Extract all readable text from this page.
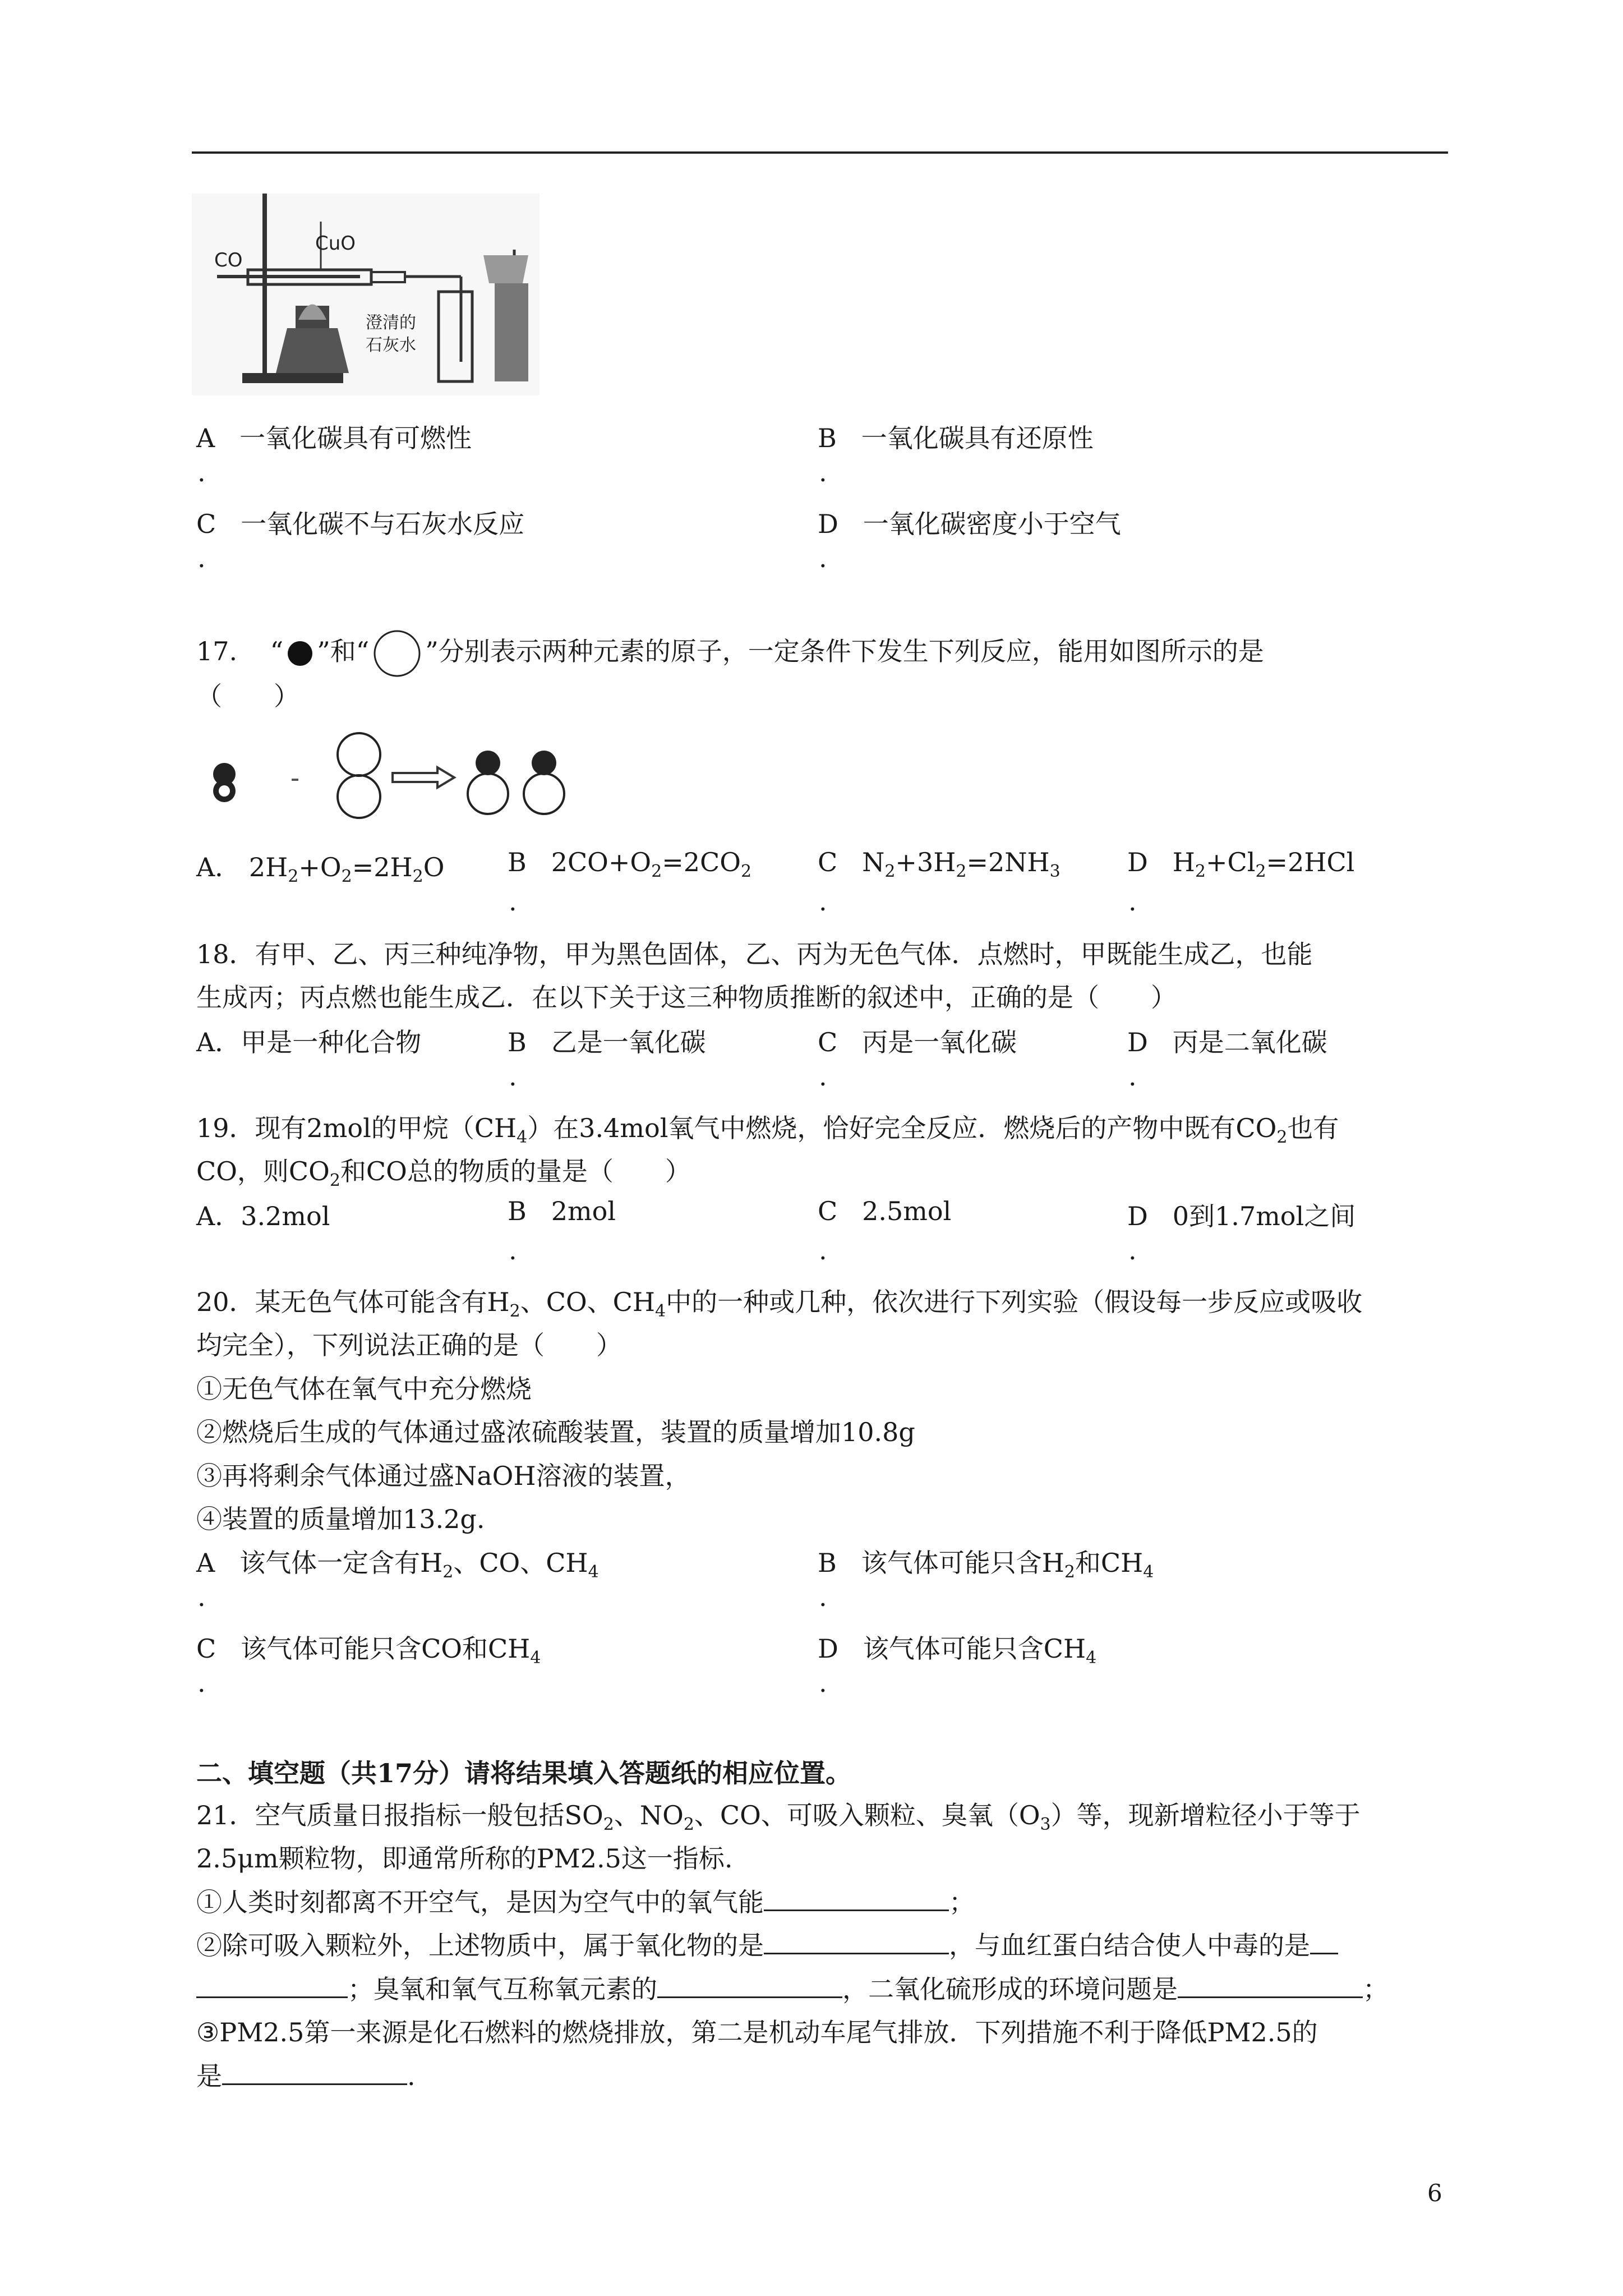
CO
CuO
澄清的
石灰水
A 一氧化碳具有可燃性
.
B 一氧化碳具有还原性
.
C 一氧化碳不与石灰水反应
.
D 一氧化碳密度小于空气
.
17. “ ”和“ ”分别表示两种元素的原子，一定条件下发生下列反应，能用如图所示的是
（　　）
A． $2H_2+O_2=2H_2O$ B $2CO+O_2=2CO_2$
.
C $N_2+3H_2=2NH_3$
.
D $H_2+Cl_2=2HCl$
.
18．有甲、乙、丙三种纯净物，甲为黑色固体，乙、丙为无色气体．点燃时，甲既能生成乙，也能
生成丙；丙点燃也能生成乙．在以下关于这三种物质推断的叙述中，正确的是（　　）
A．甲是一种化合物	B 乙是一氧化碳
.
C 丙是一氧化碳
.
D 丙是二氧化碳
.
19．现有2mol的甲烷$(CH_4)$在3.4mol氧气中燃烧，恰好完全反应．燃烧后的产物中既有$CO_2$也有
CO，则$CO_2$和CO总的物质的量是（　　）
A．3.2mol	B 2mol
.
C 2.5mol
.
D 0到1.7mol之间
.
20．某无色气体可能含有$H_2$、CO、$CH_4$中的一种或几种，依次进行下列实验（假设每一步反应或吸收
均完全），下列说法正确的是（　　）
①无色气体在氧气中充分燃烧
②燃烧后生成的气体通过盛浓硫酸装置，装置的质量增加10.8g
③再将剩余气体通过盛NaOH溶液的装置，
④装置的质量增加13.2g.
A 该气体一定含有$H_2$、CO、$CH_4$
.
B 该气体可能只含$H_2$和$CH_4$
.
C 该气体可能只含CO和$CH_4$
.
D 该气体可能只含$CH_4$
.
二、填空题（共17分）请将结果填入答题纸的相应位置。
21．空气质量日报指标一般包括$SO_2$、$NO_2$、CO、可吸入颗粒、臭氧$(O_3)$等，现新增粒径小于等于
2.5μm颗粒物，即通常所称的PM2.5这一指标.
①人类时刻都离不开空气，是因为空气中的氧气能	；
②除可吸入颗粒外，上述物质中，属于氧化物的是	，与血红蛋白结合使人中毒的是
；臭氧和氧气互称氧元素的	，二氧化硫形成的环境问题是	；
③PM2.5第一来源是化石燃料的燃烧排放，第二是机动车尾气排放．下列措施不利于降低PM2.5的
是	.
6
